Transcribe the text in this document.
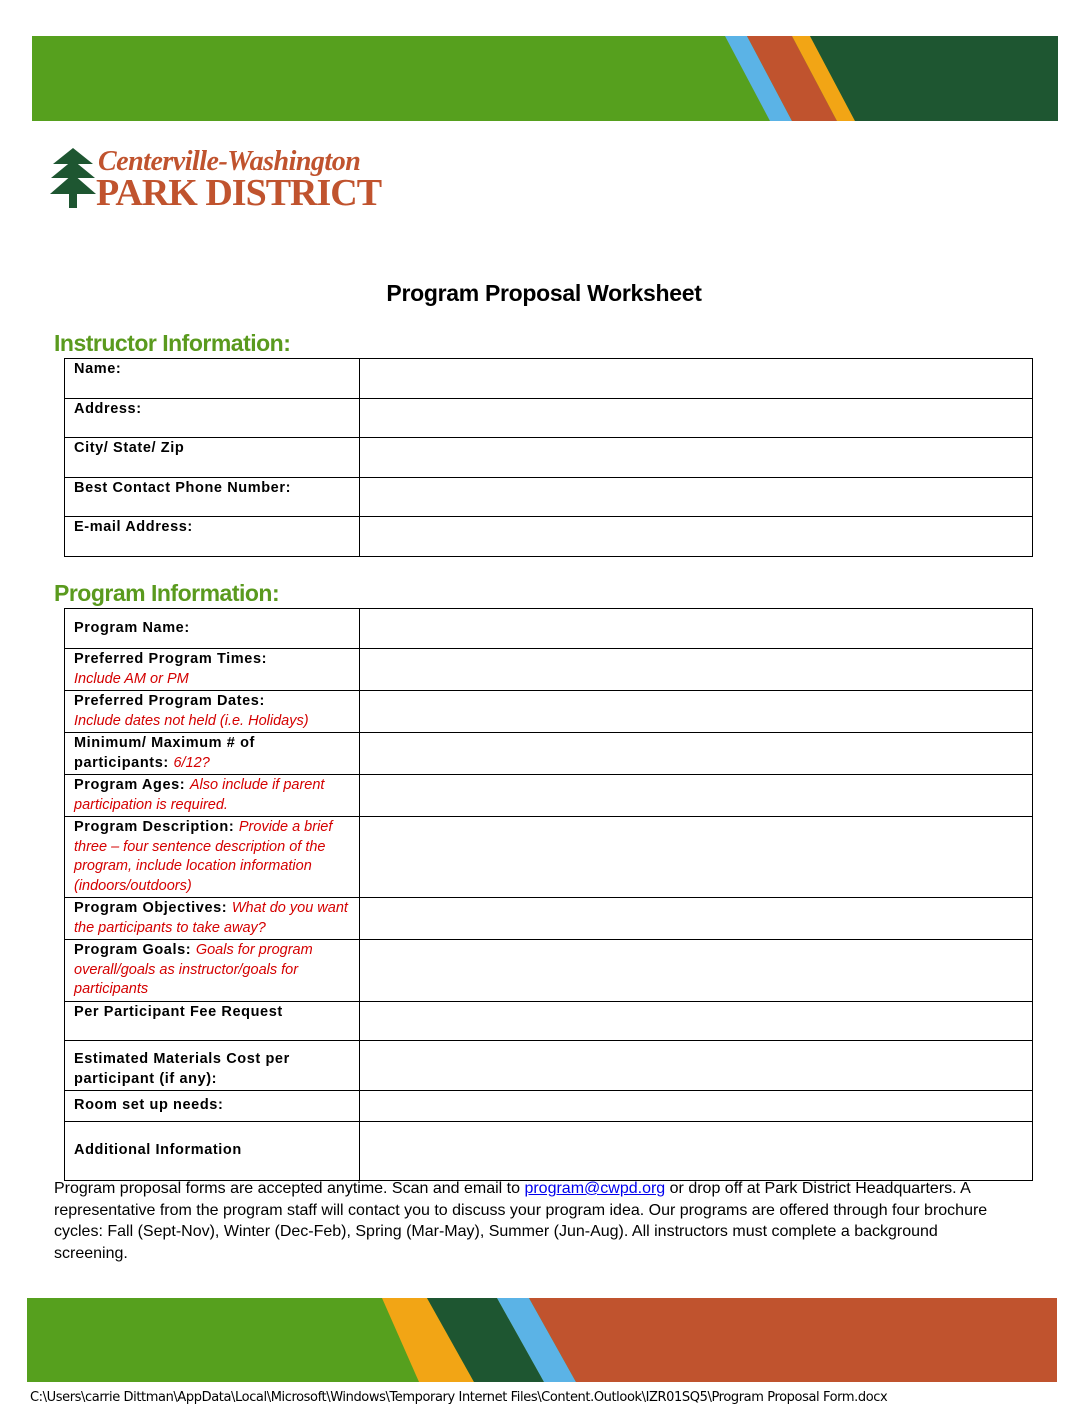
Centerville-Washington
PARK DISTRICT
Program Proposal Worksheet
Instructor Information:
Name:	
Address:	
City/ State/ Zip	
Best Contact Phone Number:	
E-mail Address:	
Program Information:
Program Name:	
Preferred Program Times:
Include AM or PM	
Preferred Program Dates:
Include dates not held (i.e. Holidays)	
Minimum/ Maximum # of participants: 6/12?	
Program Ages: Also include if parent participation is required.	
Program Description: Provide a brief three – four sentence description of the program, include location information (indoors/outdoors)	
Program Objectives: What do you want the participants to take away?	
Program Goals: Goals for program overall/goals as instructor/goals for participants	
Per Participant Fee Request	
Estimated Materials Cost per participant (if any):	
Room set up needs:	
Additional Information	
Program proposal forms are accepted anytime. Scan and email to program@cwpd.org or drop off at Park District Headquarters. A representative from the program staff will contact you to discuss your program idea. Our programs are offered through four brochure cycles: Fall (Sept-Nov), Winter (Dec-Feb), Spring (Mar-May), Summer (Jun-Aug). All instructors must complete a background screening.
C:\Users\carrie Dittman\AppData\Local\Microsoft\Windows\Temporary Internet Files\Content.Outlook\IZR01SQ5\Program Proposal Form.docx
